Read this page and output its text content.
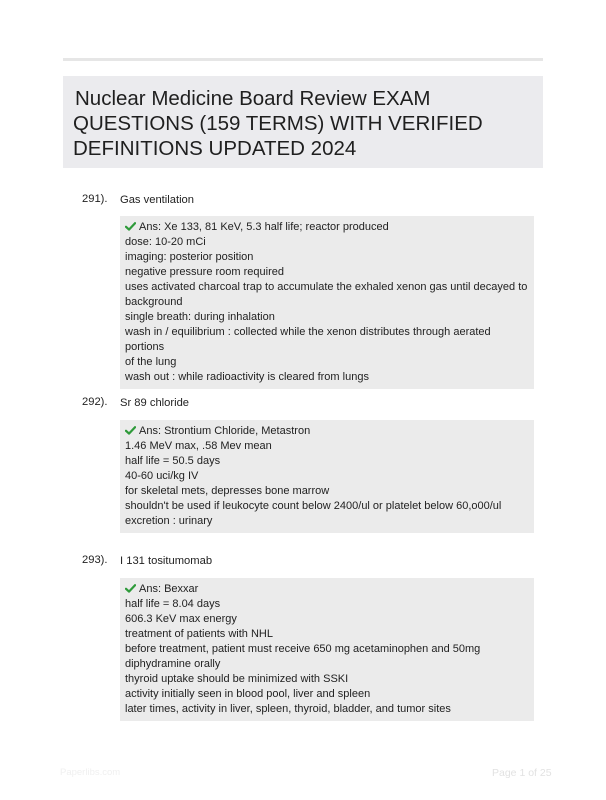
Nuclear Medicine Board Review EXAM
QUESTIONS (159 TERMS) WITH VERIFIED
DEFINITIONS UPDATED 2024
291). Gas ventilation
Ans: Xe 133, 81 KeV, 5.3 half life; reactor produced
dose: 10-20 mCi
imaging: posterior position
negative pressure room required
uses activated charcoal trap to accumulate the exhaled xenon gas until decayed to
background
single breath: during inhalation
wash in / equilibrium : collected while the xenon distributes through aerated portions
of the lung
wash out : while radioactivity is cleared from lungs
292). Sr 89 chloride
Ans: Strontium Chloride, Metastron
1.46 MeV max, .58 Mev mean
half life = 50.5 days
40-60 uci/kg IV
for skeletal mets, depresses bone marrow
shouldn't be used if leukocyte count below 2400/ul or platelet below 60,o00/ul
excretion : urinary
293). I 131 tositumomab
Ans: Bexxar
half life = 8.04 days
606.3 KeV max energy
treatment of patients with NHL
before treatment, patient must receive 650 mg acetaminophen and 50mg
diphydramine orally
thyroid uptake should be minimized with SSKI
activity initially seen in blood pool, liver and spleen
later times, activity in liver, spleen, thyroid, bladder, and tumor sites
Paperlibs.com	Page 1 of 25
